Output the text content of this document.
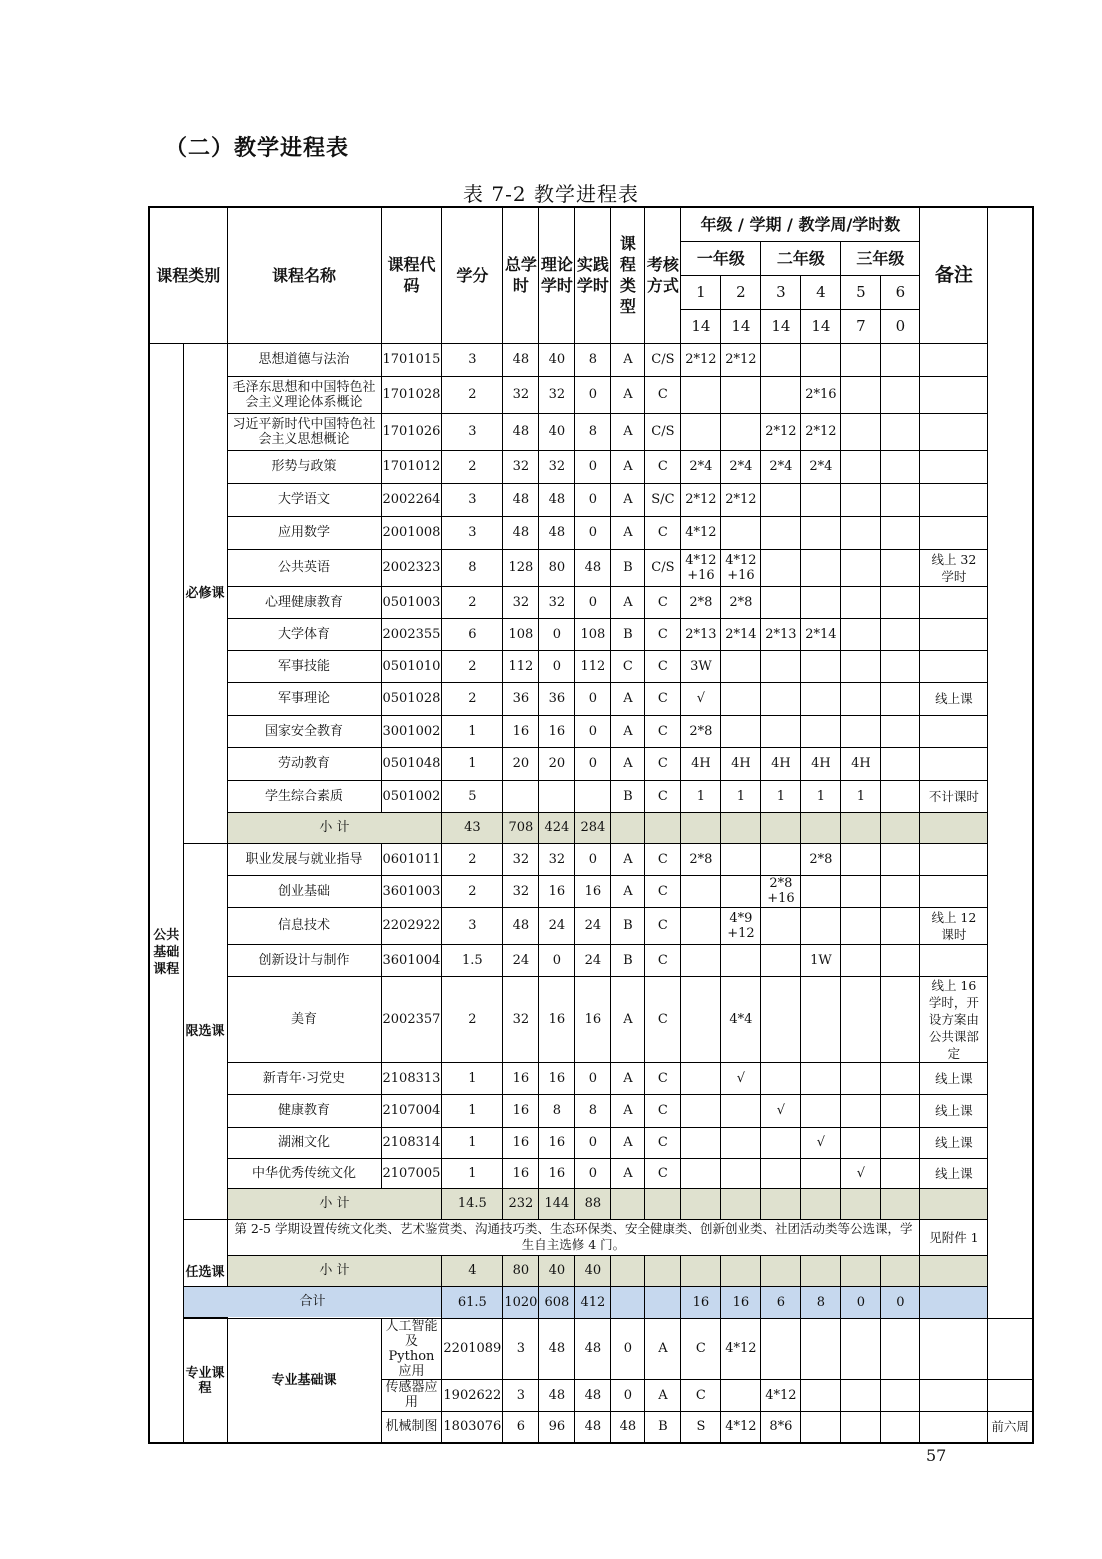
（二）教学进程表
表 7-2 教学进程表
课程类别		课程名称	课程代码	学分	总学时	理论学时	实践学时	课程类型	考核方式	年级 / 学期 / 教学周/学时数						备注	
										一年级		二年级		三年级			
										1	2	3	4	5	6		
										14	14	14	14	7	0		
公共基础课程	必修课	思想道德与法治	1701015	3	48	40	8	A	C/S	2*12	2*12						
		毛泽东思想和中国特色社会主义理论体系概论	1701028	2	32	32	0	A	C				2*16				
		习近平新时代中国特色社会主义思想概论	1701026	3	48	40	8	A	C/S			2*12	2*12				
		形势与政策	1701012	2	32	32	0	A	C	2*4	2*4	2*4	2*4				
		大学语文	2002264	3	48	48	0	A	S/C	2*12	2*12						
		应用数学	2001008	3	48	48	0	A	C	4*12							
		公共英语	2002323	8	128	80	48	B	C/S	4*12 +16	4*12 +16					线上 32 学时	
		心理健康教育	0501003	2	32	32	0	A	C	2*8	2*8						
		大学体育	2002355	6	108	0	108	B	C	2*13	2*14	2*13	2*14				
		军事技能	0501010	2	112	0	112	C	C	3W							
		军事理论	0501028	2	36	36	0	A	C	√						线上课	
		国家安全教育	3001002	1	16	16	0	A	C	2*8							
		劳动教育	0501048	1	20	20	0	A	C	4H	4H	4H	4H	4H			
		学生综合素质	0501002	5				B	C	1	1	1	1	1		不计课时	
		小 计		43	708	424	284										
	限选课	职业发展与就业指导	0601011	2	32	32	0	A	C	2*8			2*8				
		创业基础	3601003	2	32	16	16	A	C			2*8 +16					
		信息技术	2202922	3	48	24	24	B	C		4*9 +12					线上 12 课时	
		创新设计与制作	3601004	1.5	24	0	24	B	C				1W				
		美育	2002357	2	32	16	16	A	C		4*4					线上 16 学时，开设方案由公共课部定	
		新青年·习党史	2108313	1	16	16	0	A	C		√					线上课	
		健康教育	2107004	1	16	8	8	A	C			√				线上课	
		湖湘文化	2108314	1	16	16	0	A	C				√			线上课	
		中华优秀传统文化	2107005	1	16	16	0	A	C					√		线上课	
		小 计		14.5	232	144	88										
	任选课	第 2-5 学期设置传统文化类、艺术鉴赏类、沟通技巧类、生态环保类、安全健康类、创新创业类、社团活动类等公选课，学生自主选修 4 门。														见附件 1	
		小 计		4	80	40	40										
	合计			61.5	1020	608	412			16	16	6	8	0	0		
	专业课程	专业基础课	人工智能及 Python 应用	2201089	3	48	48	0	A	C	4*12						
			传感器应用	1902622	3	48	48	0	A	C		4*12					
			机械制图	1803076	6	96	48	48	B	S	4*12	8*6					前六周
57
